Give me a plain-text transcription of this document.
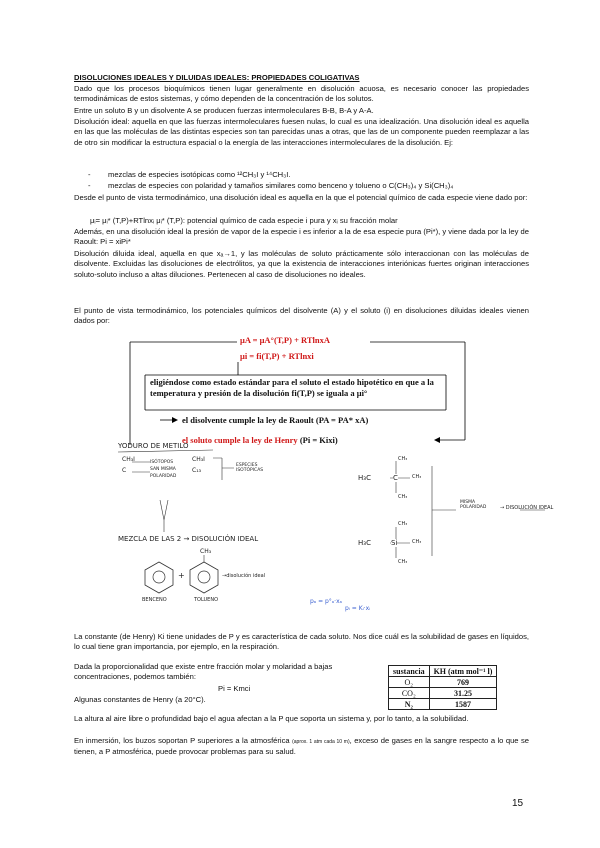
DISOLUCIONES IDEALES Y DILUIDAS IDEALES: PROPIEDADES COLIGATIVAS
Dado que los procesos bioquímicos tienen lugar generalmente en disolución acuosa, es necesario conocer las propiedades termodinámicas de estos sistemas, y cómo dependen de la concentración de los solutos.
Entre un soluto B y un disolvente A se producen fuerzas intermoleculares B-B, B-A y A-A.
Disolución ideal: aquella en que las fuerzas intermoleculares fuesen nulas, lo cual es una idealización. Una disolución ideal es aquella en las que las moléculas de las distintas especies son tan parecidas unas a otras, que las de un componente pueden reemplazar a las de otro sin modificar la estructura espacial o la energía de las interacciones intermoleculares de la disolución. Ej:
- mezclas de especies isotópicas como ¹²CH₃I y ¹⁴CH₃I.
- mezclas de especies con polaridad y tamaños similares como benceno y tolueno o C(CH₃)₄ y Si(CH₃)₄
Desde el punto de vista termodinámico, una disolución ideal es aquella en la que el potencial químico de cada especie viene dado por:
μᵢ= μᵢ* (T,P)+RTlnxᵢ μᵢ* (T,P): potencial químico de cada especie i pura y xᵢ su fracción molar
Además, en una disolución ideal la presión de vapor de la especie i es inferior a la de esa especie pura (Pi*), y viene dada por la ley de Raoult: Pi = xiPi*
Disolución diluida ideal, aquella en que xₐ→1, y las moléculas de soluto prácticamente sólo interaccionan con las moléculas de disolvente. Excluidas las disoluciones de electrólitos, ya que la existencia de interacciones interiónicas fuertes originan interacciones soluto-soluto incluso a altas diluciones. Pertenecen al caso de disoluciones no ideales.
El punto de vista termodinámico, los potenciales químicos del disolvente (A) y el soluto (i) en disoluciones diluidas ideales vienen dados por:
μA = μA°(T,P) + RTlnxA
μi = fi(T,P) + RTlnxi
eligiéndose como estado estándar para el soluto el estado hipotético en que a la temperatura y presión de la disolución fi(T,P) se iguala a μi°
el disolvente cumple la ley de Raoult (PA = PA* xA)
el soluto cumple la ley de Henry (Pi = Kixi)
YODURO DE METILO
CH₃I
C
ISÓTOPOS
SAN MISMA
POLARIDAD
CH₃I
C₁₃
ESPECIES ISOTÓPICAS
MEZCLA DE LAS 2 → DISOLUCIÓN IDEAL
CH₃
+	→disolución ideal
BENCENO	TOLUENO
CH₃
H₃C	C	CH₃
CH₃
CH₃
H₃C	Si	CH₃
CH₃
MISMA POLARIDAD	→ DISOLUCIÓN IDEAL
pₐ = p°ₐ·xₐ
pᵢ = Kᵢ·xᵢ
La constante (de Henry) Ki tiene unidades de P y es característica de cada soluto. Nos dice cuál es la solubilidad de gases en líquidos, lo cual tiene gran importancia, por ejemplo, en la respiración.
Dada la proporcionalidad que existe entre fracción molar y molaridad a bajas concentraciones, podemos también:
Pi = Kmci
Algunas constantes de Henry (a 20°C).
sustancia	KH (atm mol⁻¹ l)
O₂	769
CO₂	31.25
N₂	1587
La altura al aire libre o profundidad bajo el agua afectan a la P que soporta un sistema y, por lo tanto, a la solubilidad.
En inmersión, los buzos soportan P superiores a la atmosférica (aprox. 1 atm cada 10 m), exceso de gases en la sangre respecto a lo que se tienen, a P atmosférica, puede provocar problemas para su salud.
15
